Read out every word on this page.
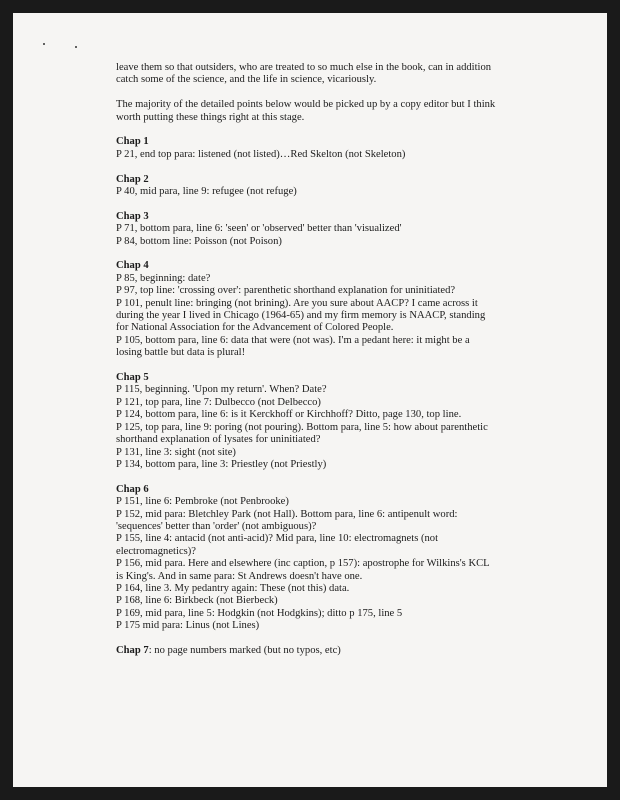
leave them so that outsiders, who are treated to so much else in the book, can in addition catch some of the science, and the life in science, vicariously.

The majority of the detailed points below would be picked up by a copy editor but I think worth putting these things right at this stage.

Chap 1
P 21, end top para: listened (not listed)…Red Skelton (not Skeleton)
Chap 2
P 40, mid para, line 9: refugee (not refuge)
Chap 3
P 71, bottom para, line 6: 'seen' or 'observed' better than 'visualized'
P 84, bottom line: Poisson (not Poison)
Chap 4
P 85, beginning: date?
P 97, top line: 'crossing over': parenthetic shorthand explanation for uninitiated?
P 101, penult line: bringing (not brining). Are you sure about AACP? I came across it during the year I lived in Chicago (1964-65) and my firm memory is NAACP, standing for National Association for the Advancement of Colored People.
P 105, bottom para, line 6: data that were (not was). I'm a pedant here: it might be a losing battle but data is plural!
Chap 5
P 115, beginning. 'Upon my return'. When? Date?
P 121, top para, line 7: Dulbecco (not Delbecco)
P 124, bottom para, line 6: is it Kerckhoff or Kirchhoff? Ditto, page 130, top line.
P 125, top para, line 9: poring (not pouring). Bottom para, line 5: how about parenthetic shorthand explanation of lysates for uninitiated?
P 131, line 3: sight (not site)
P 134, bottom para, line 3: Priestley (not Priestly)
Chap 6
P 151, line 6: Pembroke (not Penbrooke)
P 152, mid para: Bletchley Park (not Hall). Bottom para, line 6: antipenult word: 'sequences' better than 'order' (not ambiguous)?
P 155, line 4: antacid (not anti-acid)? Mid para, line 10: electromagnets (not electromagnetics)?
P 156, mid para. Here and elsewhere (inc caption, p 157): apostrophe for Wilkins's KCL is King's. And in same para: St Andrews doesn't have one.
P 164, line 3. My pedantry again: These (not this) data.
P 168, line 6: Birkbeck (not Bierbeck)
P 169, mid para, line 5: Hodgkin (not Hodgkins); ditto p 175, line 5
P 175 mid para: Linus (not Lines)
Chap 7: no page numbers marked (but no typos, etc)
